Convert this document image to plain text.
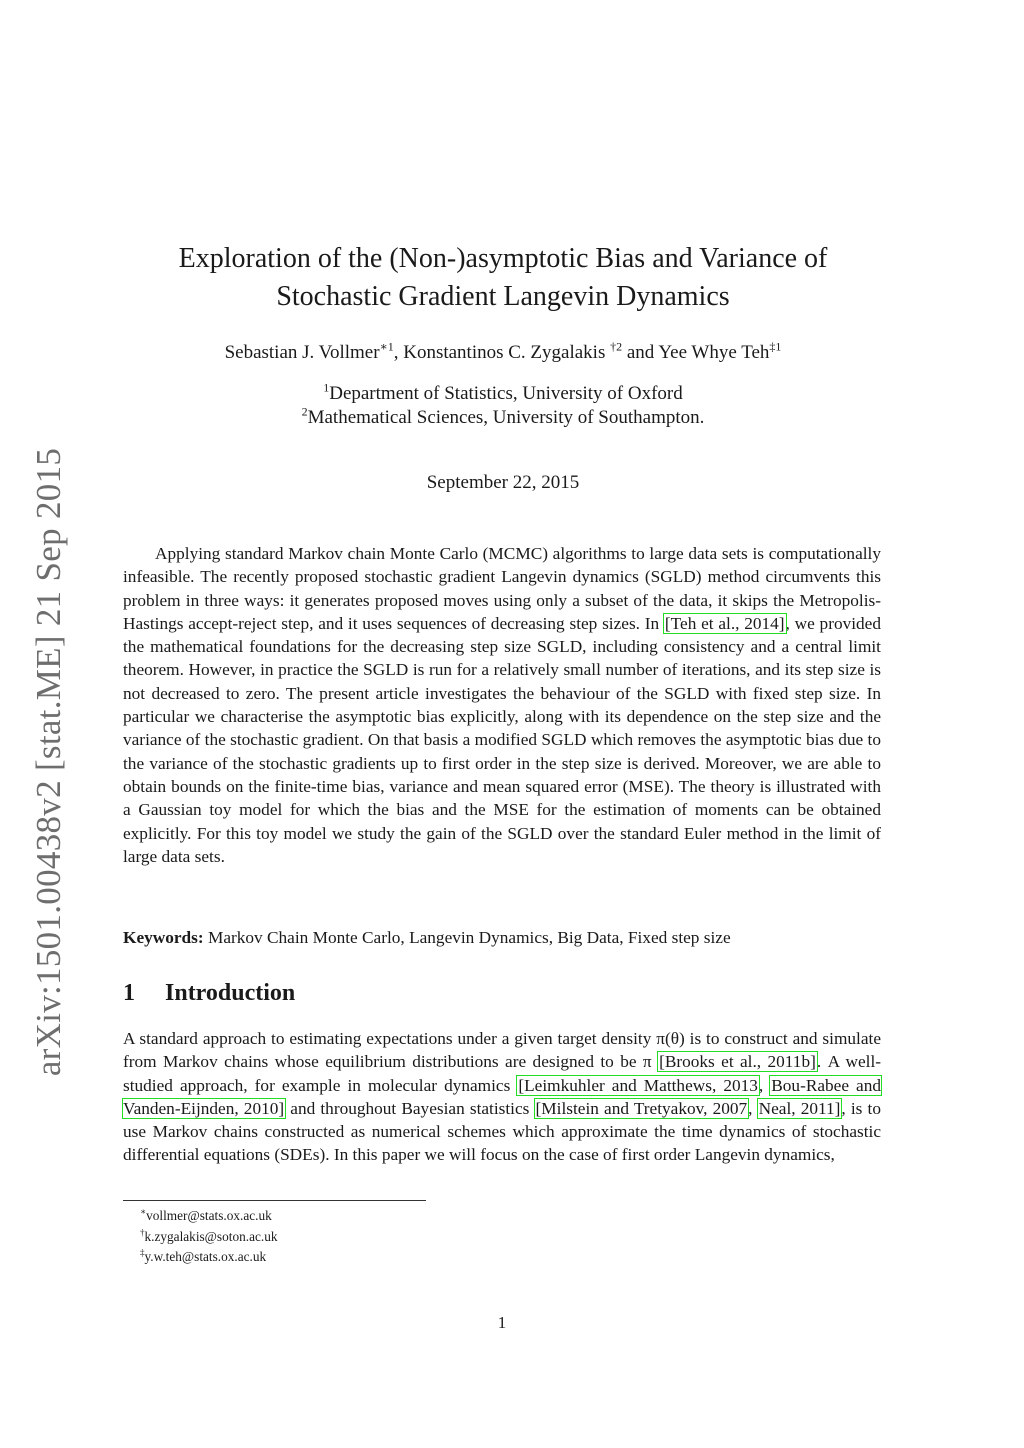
arXiv:1501.00438v2 [stat.ME] 21 Sep 2015
Exploration of the (Non-)asymptotic Bias and Variance of
Stochastic Gradient Langevin Dynamics
Sebastian J. Vollmer$^{∗1}$, Konstantinos C. Zygalakis $^{\dagger 2}$ and Yee Whye Teh$^{\ddagger 1}$
$^1$Department of Statistics, University of Oxford
$^2$Mathematical Sciences, University of Southampton.
September 22, 2015

Applying standard Markov chain Monte Carlo (MCMC) algorithms to large data sets is computationally infeasible. The recently proposed stochastic gradient Langevin dynamics (SGLD) method circumvents this problem in three ways: it generates proposed moves using only a subset of the data, it skips the Metropolis-Hastings accept-reject step, and it uses sequences of decreasing step sizes. In [Teh et al., 2014], we provided the mathematical foundations for the decreasing step size SGLD, including consistency and a central limit theorem. However, in practice the SGLD is run for a relatively small number of iterations, and its step size is not decreased to zero. The present article investigates the behaviour of the SGLD with fixed step size. In particular we characterise the asymptotic bias explicitly, along with its dependence on the step size and the variance of the stochastic gradient. On that basis a modified SGLD which removes the asymptotic bias due to the variance of the stochastic gradients up to first order in the step size is derived. Moreover, we are able to obtain bounds on the finite-time bias, variance and mean squared error (MSE). The theory is illustrated with a Gaussian toy model for which the bias and the MSE for the estimation of moments can be obtained explicitly. For this toy model we study the gain of the SGLD over the standard Euler method in the limit of large data sets.

Keywords: Markov Chain Monte Carlo, Langevin Dynamics, Big Data, Fixed step size
1 Introduction

A standard approach to estimating expectations under a given target density π(θ) is to construct and simulate from Markov chains whose equilibrium distributions are designed to be π [Brooks et al., 2011b]. A well-studied approach, for example in molecular dynamics [Leimkuhler and Matthews, 2013, Bou-Rabee and Vanden-Eijnden, 2010] and throughout Bayesian statistics [Milstein and Tretyakov, 2007, Neal, 2011], is to use Markov chains constructed as numerical schemes which approximate the time dynamics of stochastic differential equations (SDEs). In this paper we will focus on the case of first order Langevin dynamics,

∗vollmer@stats.ox.ac.uk
†k.zygalakis@soton.ac.uk
‡y.w.teh@stats.ox.ac.uk
1
